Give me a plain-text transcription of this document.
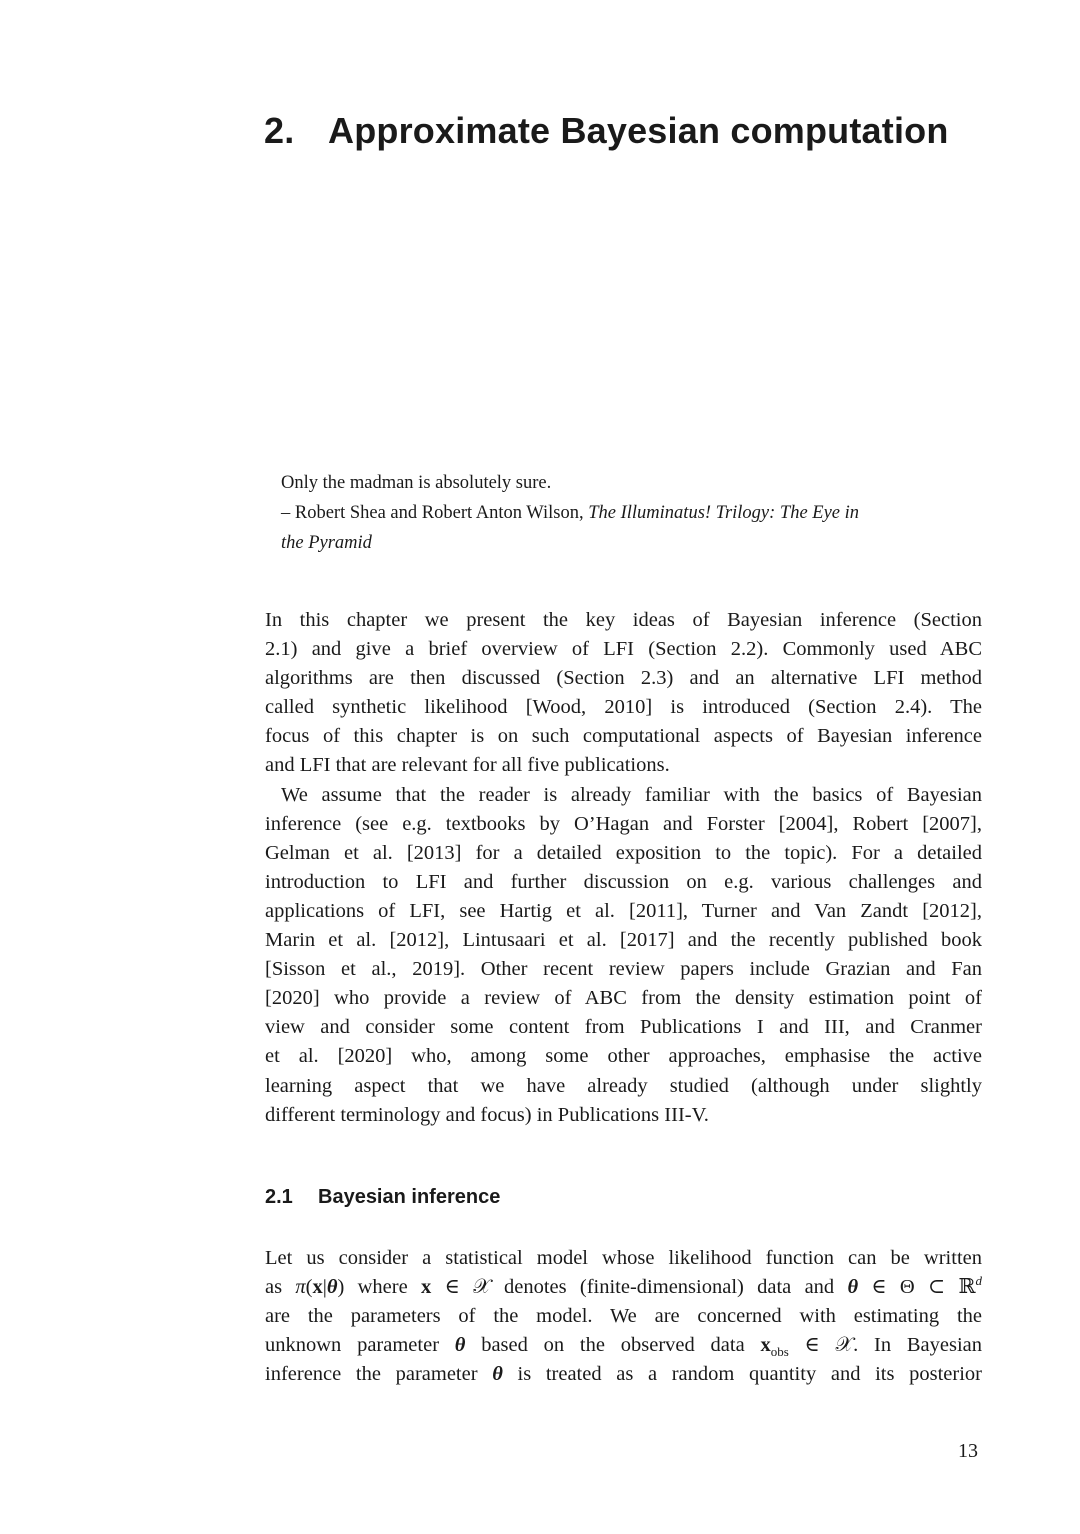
2. Approximate Bayesian computation
Only the madman is absolutely sure.
– Robert Shea and Robert Anton Wilson, The Illuminatus! Trilogy: The Eye in
the Pyramid
In this chapter we present the key ideas of Bayesian inference (Section
2.1) and give a brief overview of LFI (Section 2.2). Commonly used ABC
algorithms are then discussed (Section 2.3) and an alternative LFI method
called synthetic likelihood [Wood, 2010] is introduced (Section 2.4). The
focus of this chapter is on such computational aspects of Bayesian inference
and LFI that are relevant for all five publications.
We assume that the reader is already familiar with the basics of Bayesian
inference (see e.g. textbooks by O’Hagan and Forster [2004], Robert [2007],
Gelman et al. [2013] for a detailed exposition to the topic). For a detailed
introduction to LFI and further discussion on e.g. various challenges and
applications of LFI, see Hartig et al. [2011], Turner and Van Zandt [2012],
Marin et al. [2012], Lintusaari et al. [2017] and the recently published book
[Sisson et al., 2019]. Other recent review papers include Grazian and Fan
[2020] who provide a review of ABC from the density estimation point of
view and consider some content from Publications I and III, and Cranmer
et al. [2020] who, among some other approaches, emphasise the active
learning aspect that we have already studied (although under slightly
different terminology and focus) in Publications III-V.
2.1 Bayesian inference
Let us consider a statistical model whose likelihood function can be written
as π(x|θ) where x ∈ 𝒳 denotes (finite-dimensional) data and θ ∈ Θ ⊂ ℝ$^d$
are the parameters of the model. We are concerned with estimating the
unknown parameter θ based on the observed data $x_{obs}$ ∈ 𝒳. In Bayesian
inference the parameter θ is treated as a random quantity and its posterior
13
